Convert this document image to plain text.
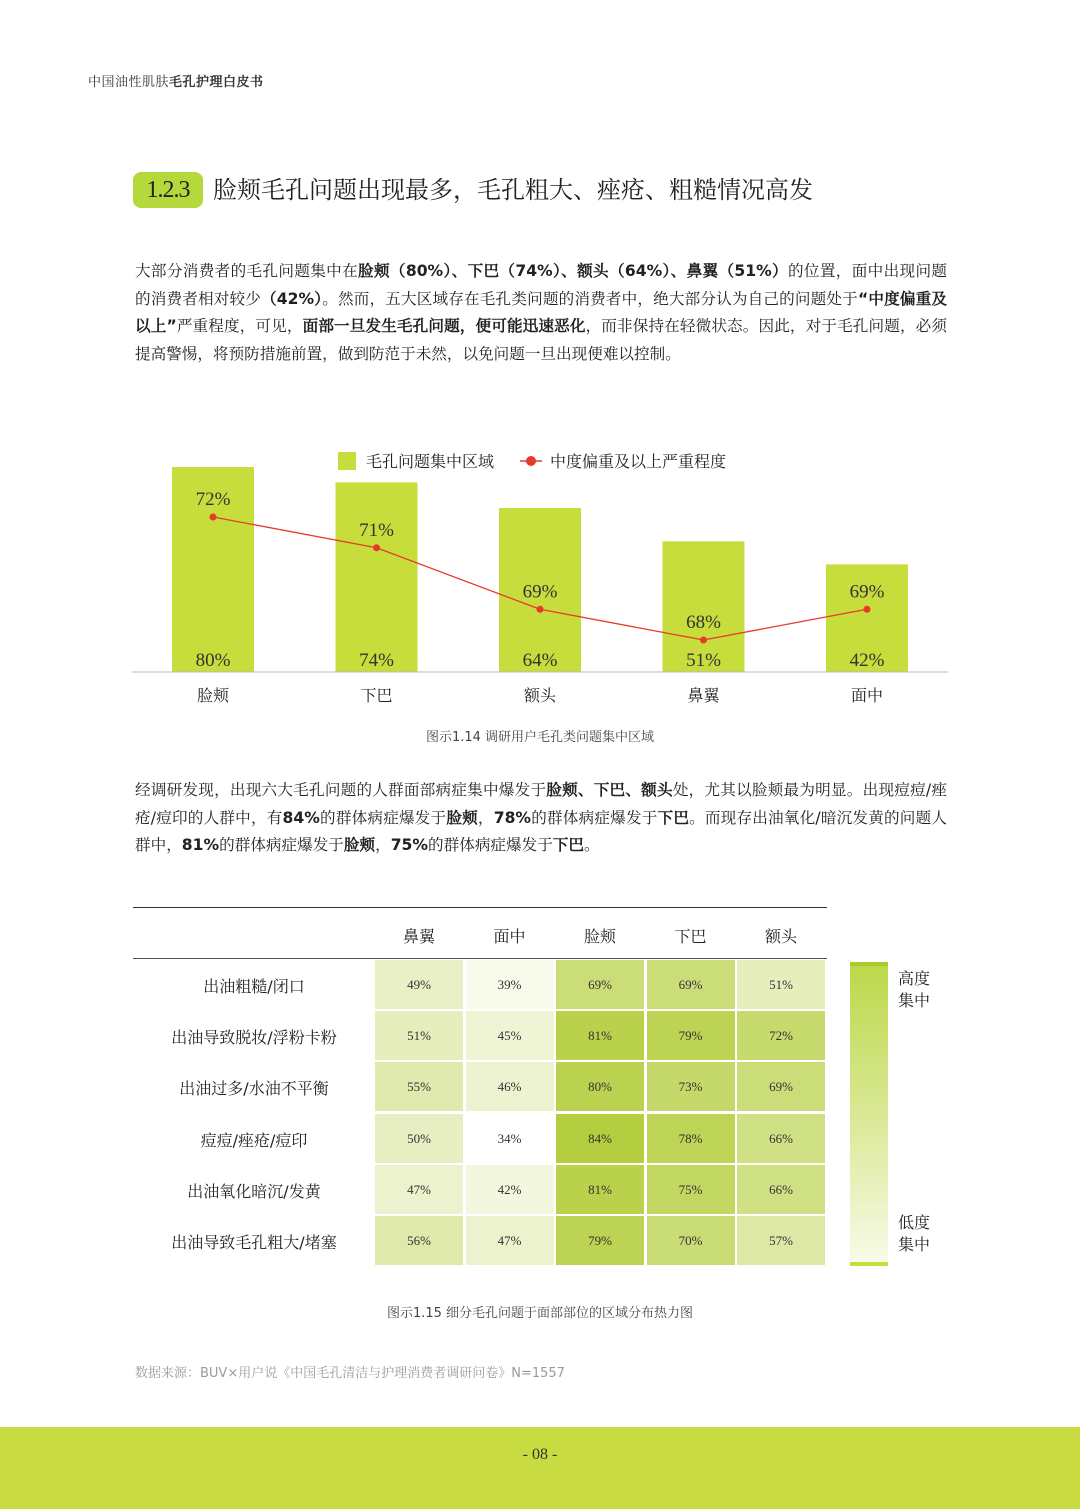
中国油性肌肤毛孔护理白皮书
1.2.3 脸颊毛孔问题出现最多，毛孔粗大、痤疮、粗糙情况高发
大部分消费者的毛孔问题集中在脸颊（80%）、下巴（74%）、额头（64%）、鼻翼（51%）的位置，面中出现问题的消费者相对较少（42%）。然而，五大区域存在毛孔类问题的消费者中，绝大部分认为自己的问题处于“中度偏重及以上”严重程度，可见，面部一旦发生毛孔问题，便可能迅速恶化，而非保持在轻微状态。因此，对于毛孔问题，必须提高警惕，将预防措施前置，做到防范于未然，以免问题一旦出现便难以控制。
毛孔问题集中区域	中度偏重及以上严重程度
80%	74%	64%	51%	42%
72%
71%
69%
68%
69%
脸颊	下巴	额头	鼻翼	面中
图示1.14 调研用户毛孔类问题集中区域
经调研发现，出现六大毛孔问题的人群面部病症集中爆发于脸颊、下巴、额头处，尤其以脸颊最为明显。出现痘痘/痤疮/痘印的人群中，有84%的群体病症爆发于脸颊，78%的群体病症爆发于下巴。而现存出油氧化/暗沉发黄的问题人群中，81%的群体病症爆发于脸颊，75%的群体病症爆发于下巴。
鼻翼	面中	脸颊	下巴	额头
出油粗糙/闭口	49%	39%	69%	69%	51%
出油导致脱妆/浮粉卡粉	51%	45%	81%	79%	72%
出油过多/水油不平衡	55%	46%	80%	73%	69%
痘痘/痤疮/痘印	50%	34%	84%	78%	66%
出油氧化暗沉/发黄	47%	42%	81%	75%	66%
出油导致毛孔粗大/堵塞	56%	47%	79%	70%	57%
高度
集中
低度
集中
图示1.15 细分毛孔问题于面部部位的区域分布热力图
数据来源：BUV×用户说《中国毛孔清洁与护理消费者调研问卷》N=1557
- 08 -
